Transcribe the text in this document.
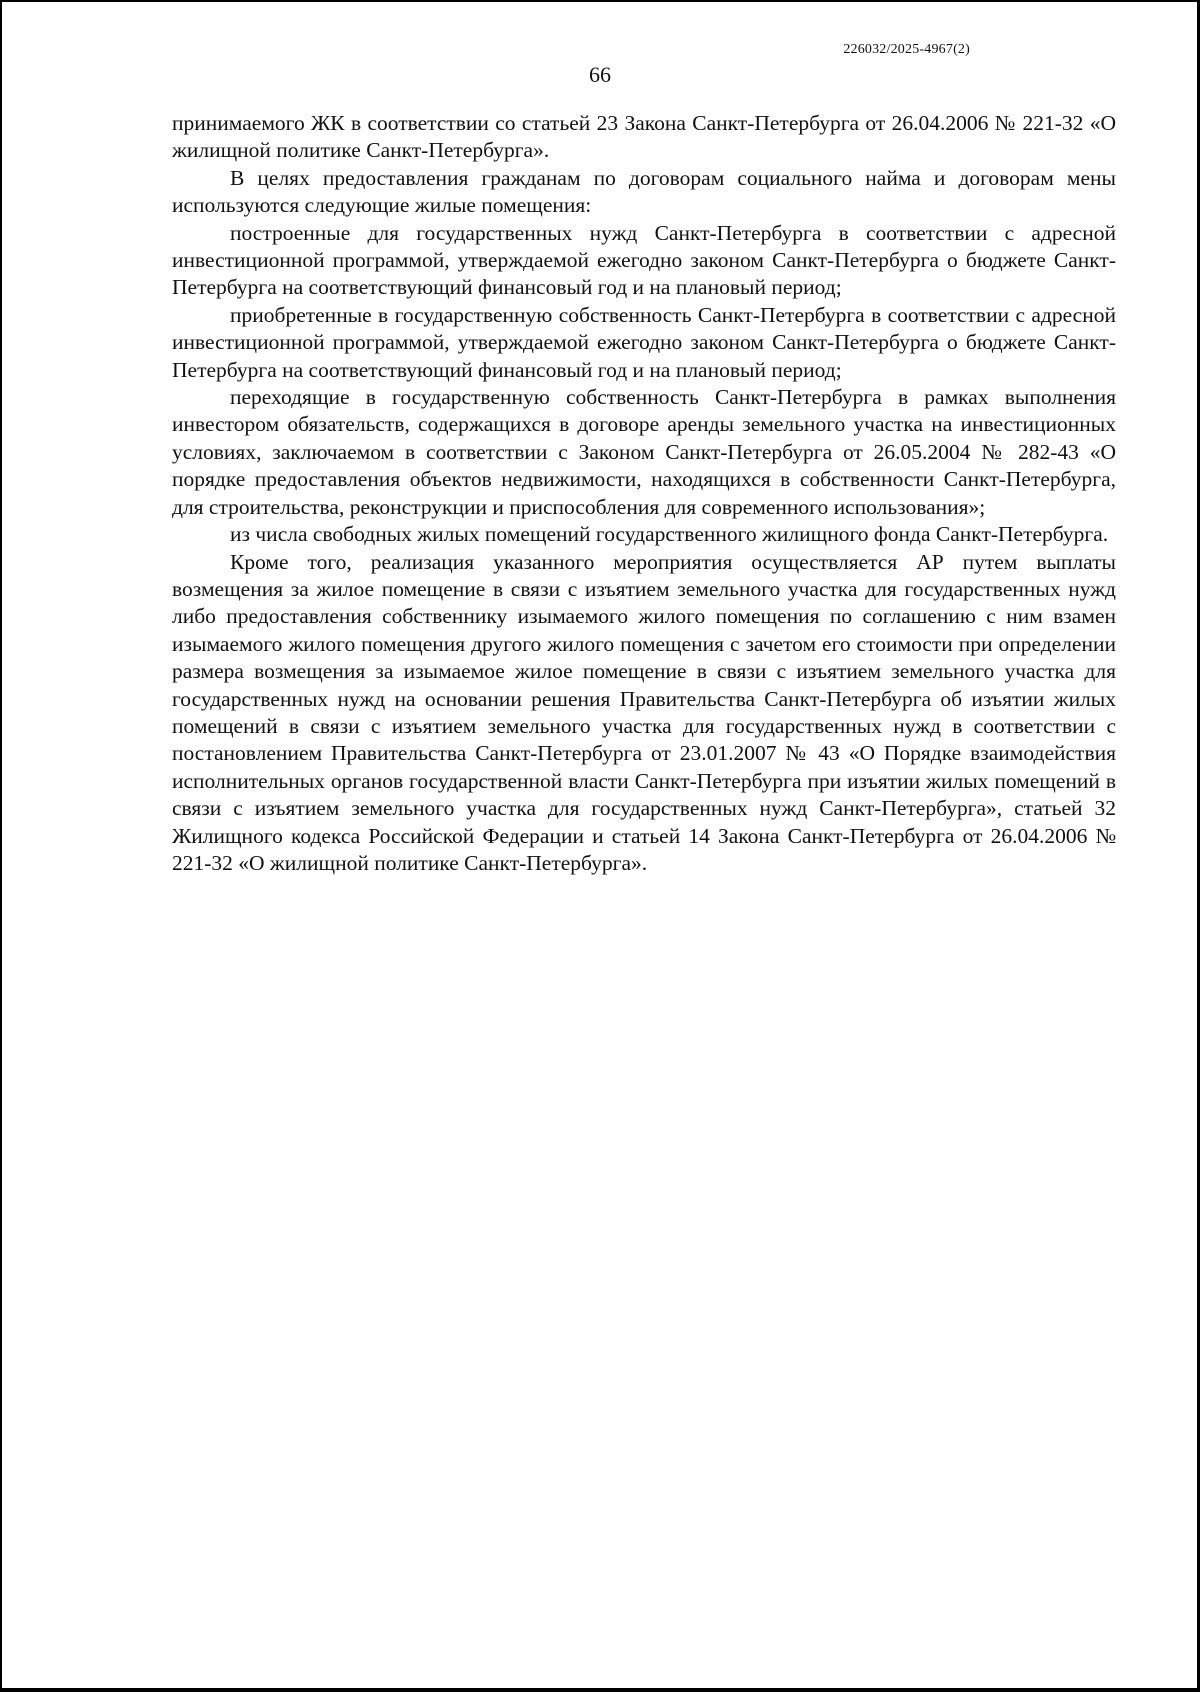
226032/2025-4967(2)
66

принимаемого ЖК в соответствии со статьей 23 Закона Санкт-Петербурга от 26.04.2006 № 221-32 «О жилищной политике Санкт-Петербурга».

В целях предоставления гражданам по договорам социального найма и договорам мены используются следующие жилые помещения:

построенные для государственных нужд Санкт-Петербурга в соответствии с адресной инвестиционной программой, утверждаемой ежегодно законом Санкт-Петербурга о бюджете Санкт-Петербурга на соответствующий финансовый год и на плановый период;

приобретенные в государственную собственность Санкт-Петербурга в соответствии с адресной инвестиционной программой, утверждаемой ежегодно законом Санкт-Петербурга о бюджете Санкт-Петербурга на соответствующий финансовый год и на плановый период;

переходящие в государственную собственность Санкт-Петербурга в рамках выполнения инвестором обязательств, содержащихся в договоре аренды земельного участка на инвестиционных условиях, заключаемом в соответствии с Законом Санкт-Петербурга от 26.05.2004 № 282-43 «О порядке предоставления объектов недвижимости, находящихся в собственности Санкт-Петербурга, для строительства, реконструкции и приспособления для современного использования»;

из числа свободных жилых помещений государственного жилищного фонда Санкт-Петербурга.

Кроме того, реализация указанного мероприятия осуществляется АР путем выплаты возмещения за жилое помещение в связи с изъятием земельного участка для государственных нужд либо предоставления собственнику изымаемого жилого помещения по соглашению с ним взамен изымаемого жилого помещения другого жилого помещения с зачетом его стоимости при определении размера возмещения за изымаемое жилое помещение в связи с изъятием земельного участка для государственных нужд на основании решения Правительства Санкт-Петербурга об изъятии жилых помещений в связи с изъятием земельного участка для государственных нужд в соответствии с постановлением Правительства Санкт-Петербурга от 23.01.2007 № 43 «О Порядке взаимодействия исполнительных органов государственной власти Санкт-Петербурга при изъятии жилых помещений в связи с изъятием земельного участка для государственных нужд Санкт-Петербурга», статьей 32 Жилищного кодекса Российской Федерации и статьей 14 Закона Санкт-Петербурга от 26.04.2006 № 221-32 «О жилищной политике Санкт-Петербурга».
